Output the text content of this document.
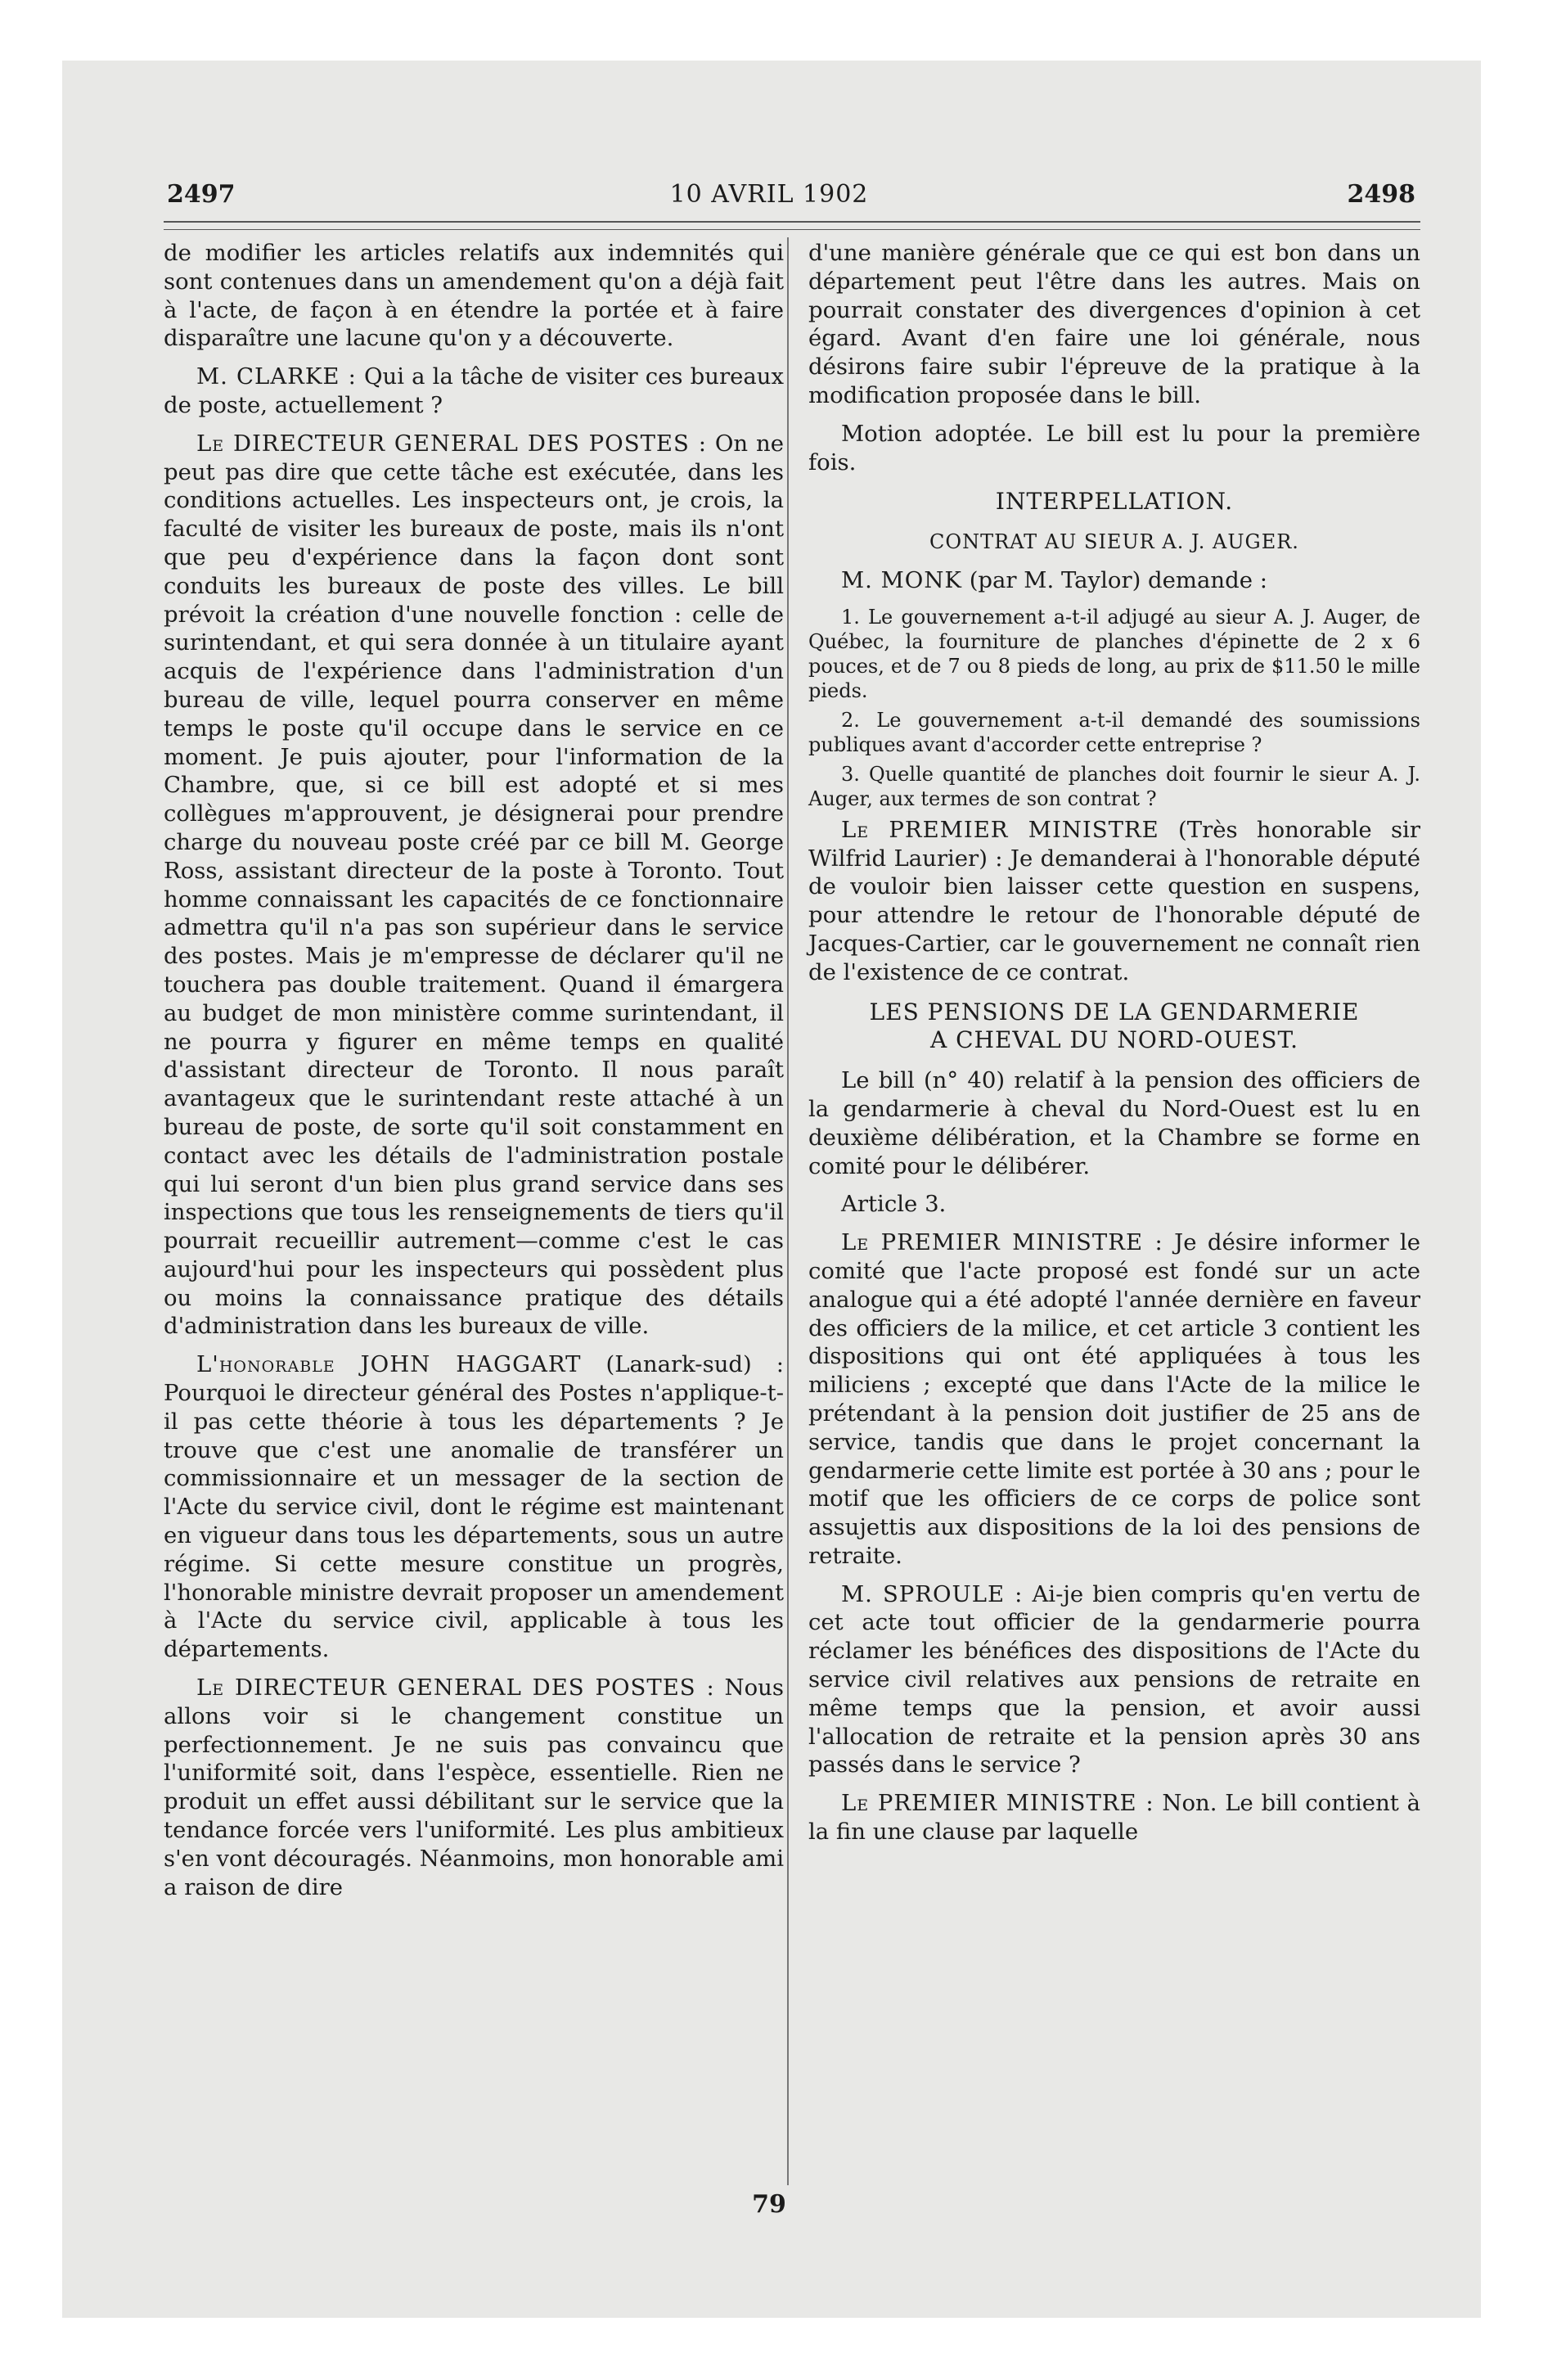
2497	10 AVRIL 1902	2498

de modifier les articles relatifs aux indemnités qui sont contenues dans un amendement qu'on a déjà fait à l'acte, de façon à en étendre la portée et à faire disparaître une lacune qu'on y a découverte.

M. CLARKE : Qui a la tâche de visiter ces bureaux de poste, actuellement ?

Le DIRECTEUR GENERAL DES POSTES : On ne peut pas dire que cette tâche est exécutée, dans les conditions actuelles. Les inspecteurs ont, je crois, la faculté de visiter les bureaux de poste, mais ils n'ont que peu d'expérience dans la façon dont sont conduits les bureaux de poste des villes. Le bill prévoit la création d'une nouvelle fonction : celle de surintendant, et qui sera donnée à un titulaire ayant acquis de l'expérience dans l'administration d'un bureau de ville, lequel pourra conserver en même temps le poste qu'il occupe dans le service en ce moment. Je puis ajouter, pour l'information de la Chambre, que, si ce bill est adopté et si mes collègues m'approuvent, je désignerai pour prendre charge du nouveau poste créé par ce bill M. George Ross, assistant directeur de la poste à Toronto. Tout homme connaissant les capacités de ce fonctionnaire admettra qu'il n'a pas son supérieur dans le service des postes. Mais je m'empresse de déclarer qu'il ne touchera pas double traitement. Quand il émargera au budget de mon ministère comme surintendant, il ne pourra y figurer en même temps en qualité d'assistant directeur de Toronto. Il nous paraît avantageux que le surintendant reste attaché à un bureau de poste, de sorte qu'il soit constamment en contact avec les détails de l'administration postale qui lui seront d'un bien plus grand service dans ses inspections que tous les renseignements de tiers qu'il pourrait recueillir autrement—comme c'est le cas aujourd'hui pour les inspecteurs qui possèdent plus ou moins la connaissance pratique des détails d'administration dans les bureaux de ville.

L'honorable JOHN HAGGART (Lanark-sud) : Pourquoi le directeur général des Postes n'applique-t-il pas cette théorie à tous les départements ? Je trouve que c'est une anomalie de transférer un commissionnaire et un messager de la section de l'Acte du service civil, dont le régime est maintenant en vigueur dans tous les départements, sous un autre régime. Si cette mesure constitue un progrès, l'honorable ministre devrait proposer un amendement à l'Acte du service civil, applicable à tous les départements.

Le DIRECTEUR GENERAL DES POSTES : Nous allons voir si le changement constitue un perfectionnement. Je ne suis pas convaincu que l'uniformité soit, dans l'espèce, essentielle. Rien ne produit un effet aussi débilitant sur le service que la tendance forcée vers l'uniformité. Les plus ambitieux s'en vont découragés. Néanmoins, mon honorable ami a raison de dire

d'une manière générale que ce qui est bon dans un département peut l'être dans les autres. Mais on pourrait constater des divergences d'opinion à cet égard. Avant d'en faire une loi générale, nous désirons faire subir l'épreuve de la pratique à la modification proposée dans le bill.

Motion adoptée. Le bill est lu pour la première fois.

INTERPELLATION.
CONTRAT AU SIEUR A. J. AUGER.

M. MONK (par M. Taylor) demande :

1. Le gouvernement a-t-il adjugé au sieur A. J. Auger, de Québec, la fourniture de planches d'épinette de 2 x 6 pouces, et de 7 ou 8 pieds de long, au prix de $11.50 le mille pieds.

2. Le gouvernement a-t-il demandé des soumissions publiques avant d'accorder cette entreprise ?

3. Quelle quantité de planches doit fournir le sieur A. J. Auger, aux termes de son contrat ?

Le PREMIER MINISTRE (Très honorable sir Wilfrid Laurier) : Je demanderai à l'honorable député de vouloir bien laisser cette question en suspens, pour attendre le retour de l'honorable député de Jacques-Cartier, car le gouvernement ne connaît rien de l'existence de ce contrat.

LES PENSIONS DE LA GENDARMERIE
A CHEVAL DU NORD-OUEST.

Le bill (n° 40) relatif à la pension des officiers de la gendarmerie à cheval du Nord-Ouest est lu en deuxième délibération, et la Chambre se forme en comité pour le délibérer.

Article 3.

Le PREMIER MINISTRE : Je désire informer le comité que l'acte proposé est fondé sur un acte analogue qui a été adopté l'année dernière en faveur des officiers de la milice, et cet article 3 contient les dispositions qui ont été appliquées à tous les miliciens ; excepté que dans l'Acte de la milice le prétendant à la pension doit justifier de 25 ans de service, tandis que dans le projet concernant la gendarmerie cette limite est portée à 30 ans ; pour le motif que les officiers de ce corps de police sont assujettis aux dispositions de la loi des pensions de retraite.

M. SPROULE : Ai-je bien compris qu'en vertu de cet acte tout officier de la gendarmerie pourra réclamer les bénéfices des dispositions de l'Acte du service civil relatives aux pensions de retraite en même temps que la pension, et avoir aussi l'allocation de retraite et la pension après 30 ans passés dans le service ?

Le PREMIER MINISTRE : Non. Le bill contient à la fin une clause par laquelle

79
